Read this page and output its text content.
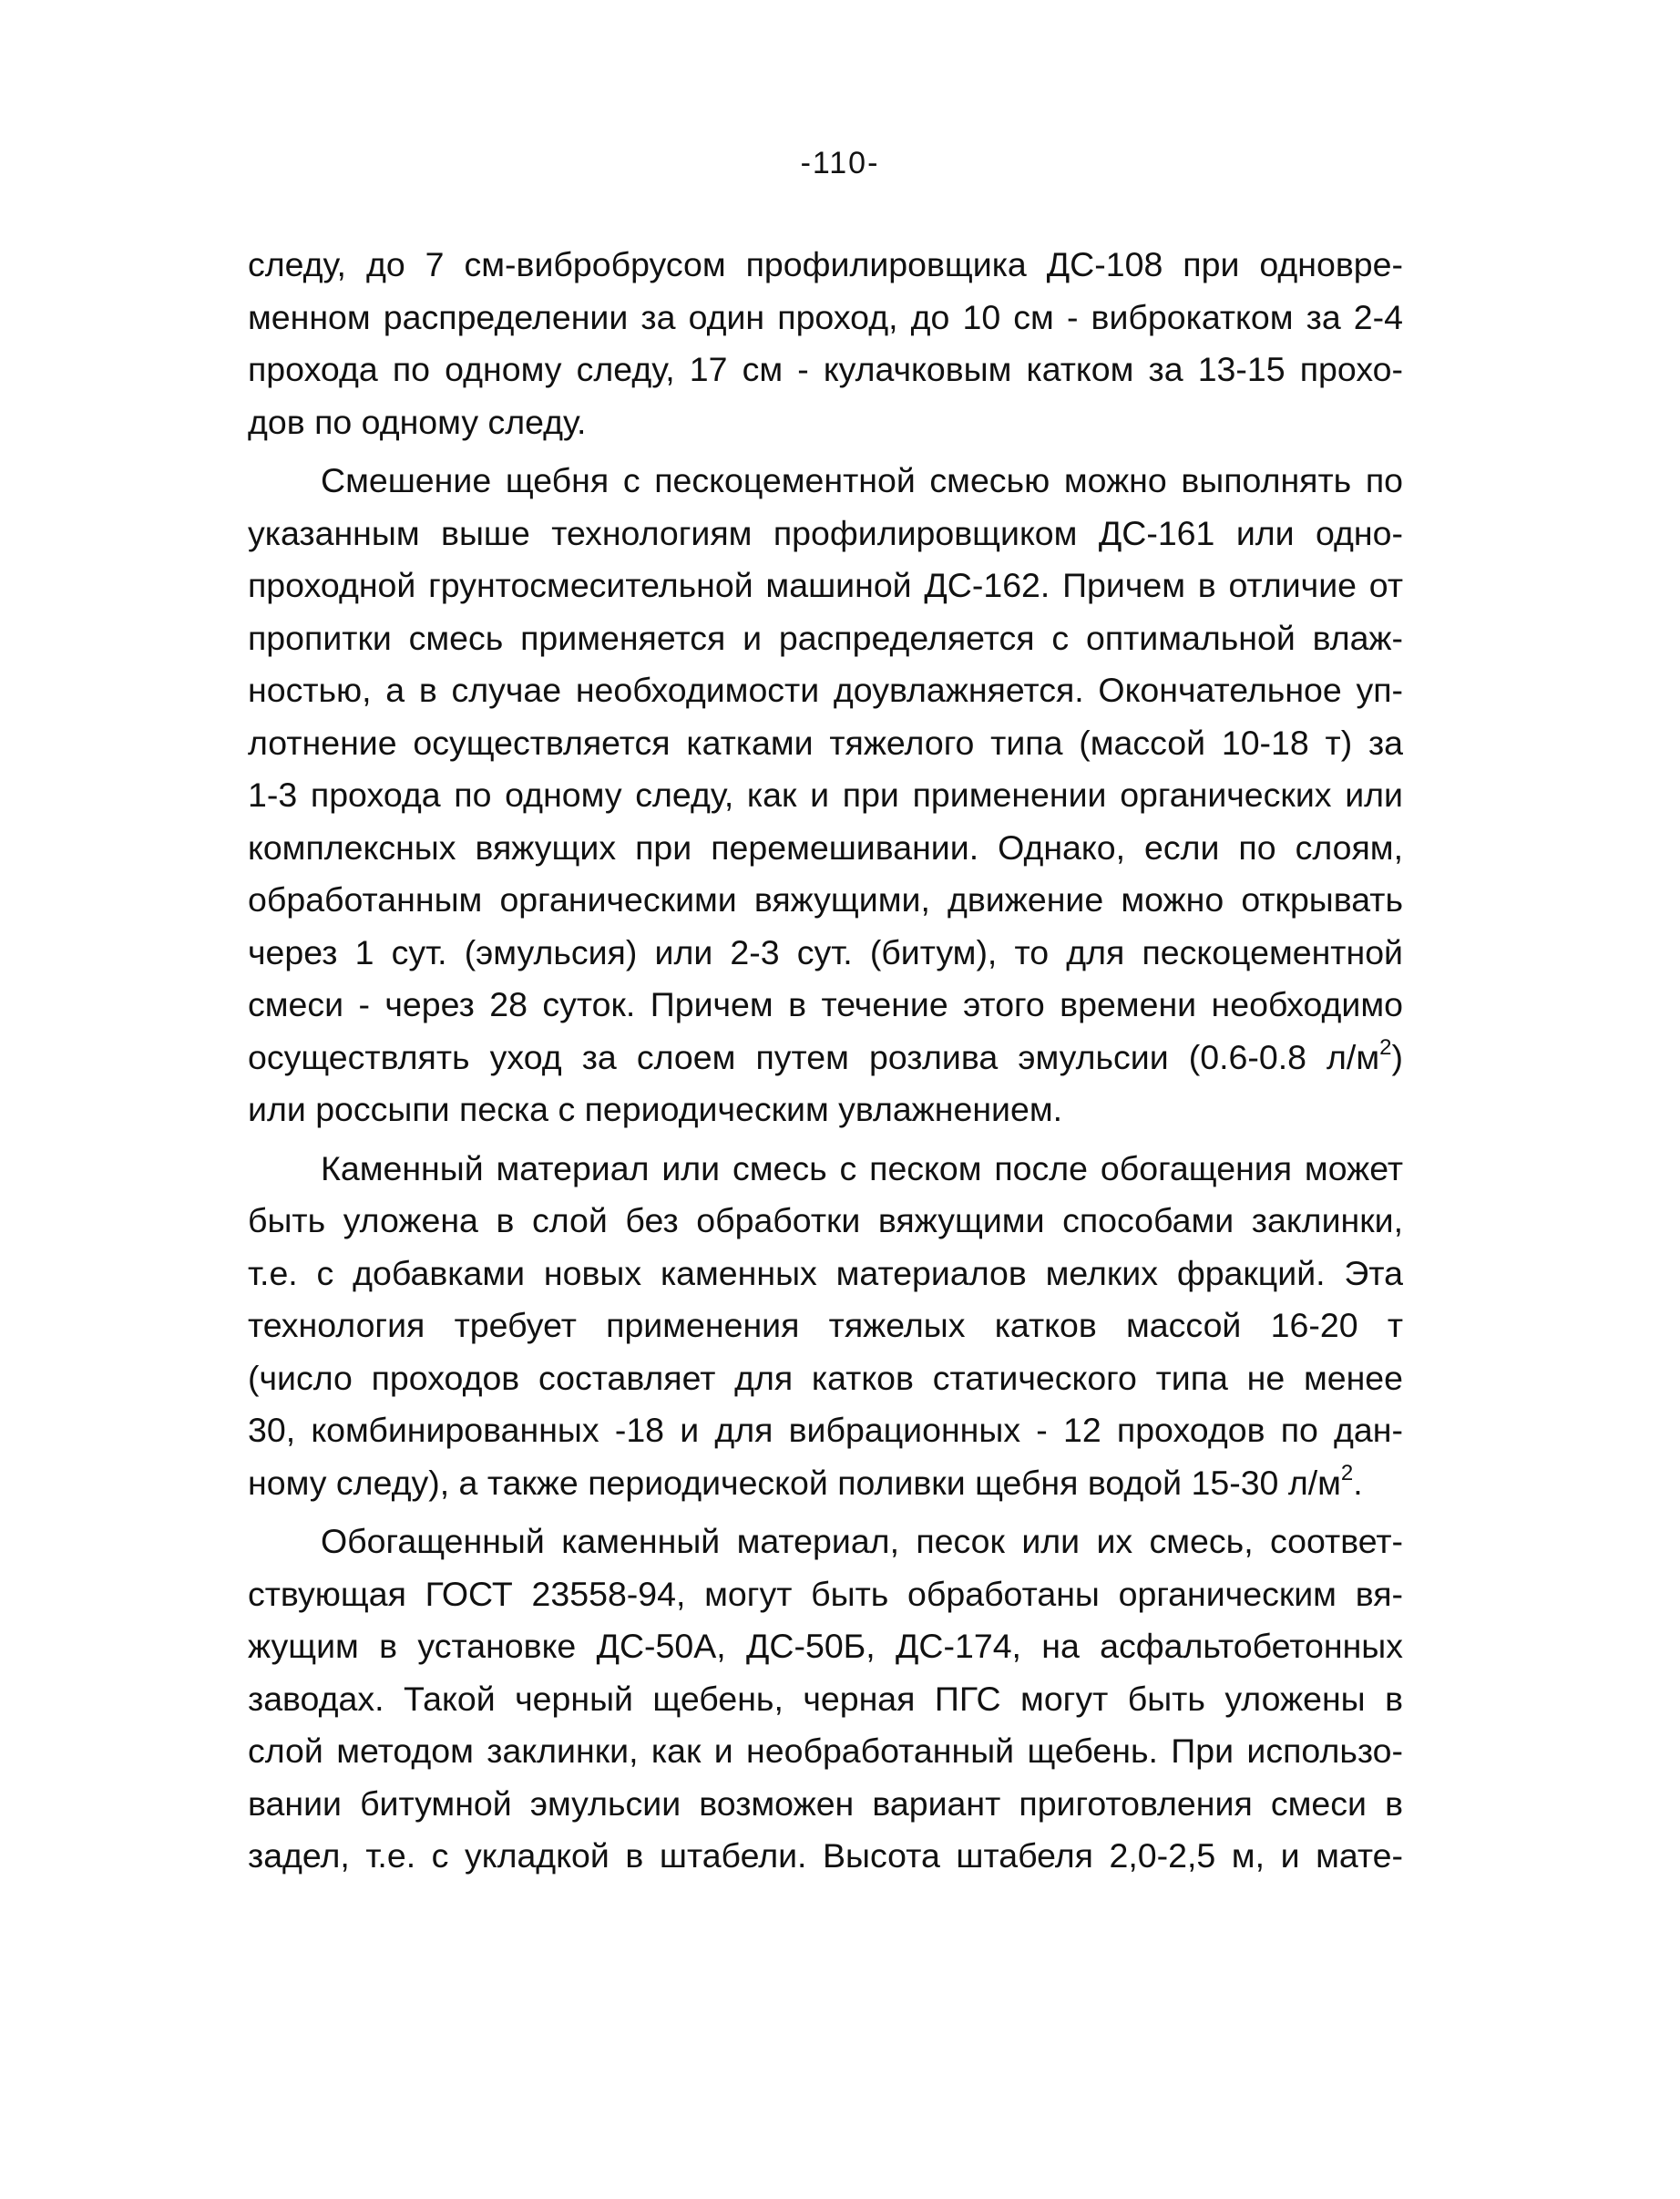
-110-
следу, до 7 см-вибробрусом профилировщика ДС-108 при одновре-
менном распределении за один проход, до 10 см - виброкатком за 2-4
прохода по одному следу, 17 см - кулачковым катком за 13-15 прохо-
дов по одному следу.
Смешение щебня с пескоцементной смесью можно выполнять по
указанным выше технологиям профилировщиком ДС-161 или одно-
проходной грунтосмесительной машиной ДС-162. Причем в отличие от
пропитки смесь применяется и распределяется с оптимальной влаж-
ностью, а в случае необходимости доувлажняется. Окончательное уп-
лотнение осуществляется катками тяжелого типа (массой 10-18 т) за
1-3 прохода по одному следу, как и при применении органических или
комплексных вяжущих при перемешивании. Однако, если по слоям,
обработанным органическими вяжущими, движение можно открывать
через 1 сут. (эмульсия) или 2-3 сут. (битум), то для пескоцементной
смеси - через 28 суток. Причем в течение этого времени необходимо
осуществлять уход за слоем путем розлива эмульсии (0.6-0.8 $л/м^2$)
или россыпи песка с периодическим увлажнением.
Каменный материал или смесь с песком после обогащения может
быть уложена в слой без обработки вяжущими способами заклинки,
т.е. с добавками новых каменных материалов мелких фракций. Эта
технология требует применения тяжелых катков массой 16-20 т
(число проходов составляет для катков статического типа не менее
30, комбинированных -18 и для вибрационных - 12 проходов по дан-
ному следу), а также периодической поливки щебня водой 15-30 $л/м^2$.
Обогащенный каменный материал, песок или их смесь, соответ-
ствующая ГОСТ 23558-94, могут быть обработаны органическим вя-
жущим в установке ДС-50А, ДС-50Б, ДС-174, на асфальтобетонных
заводах. Такой черный щебень, черная ПГС могут быть уложены в
слой методом заклинки, как и необработанный щебень. При использо-
вании битумной эмульсии возможен вариант приготовления смеси в
задел, т.е. с укладкой в штабели. Высота штабеля 2,0-2,5 м, и мате-
